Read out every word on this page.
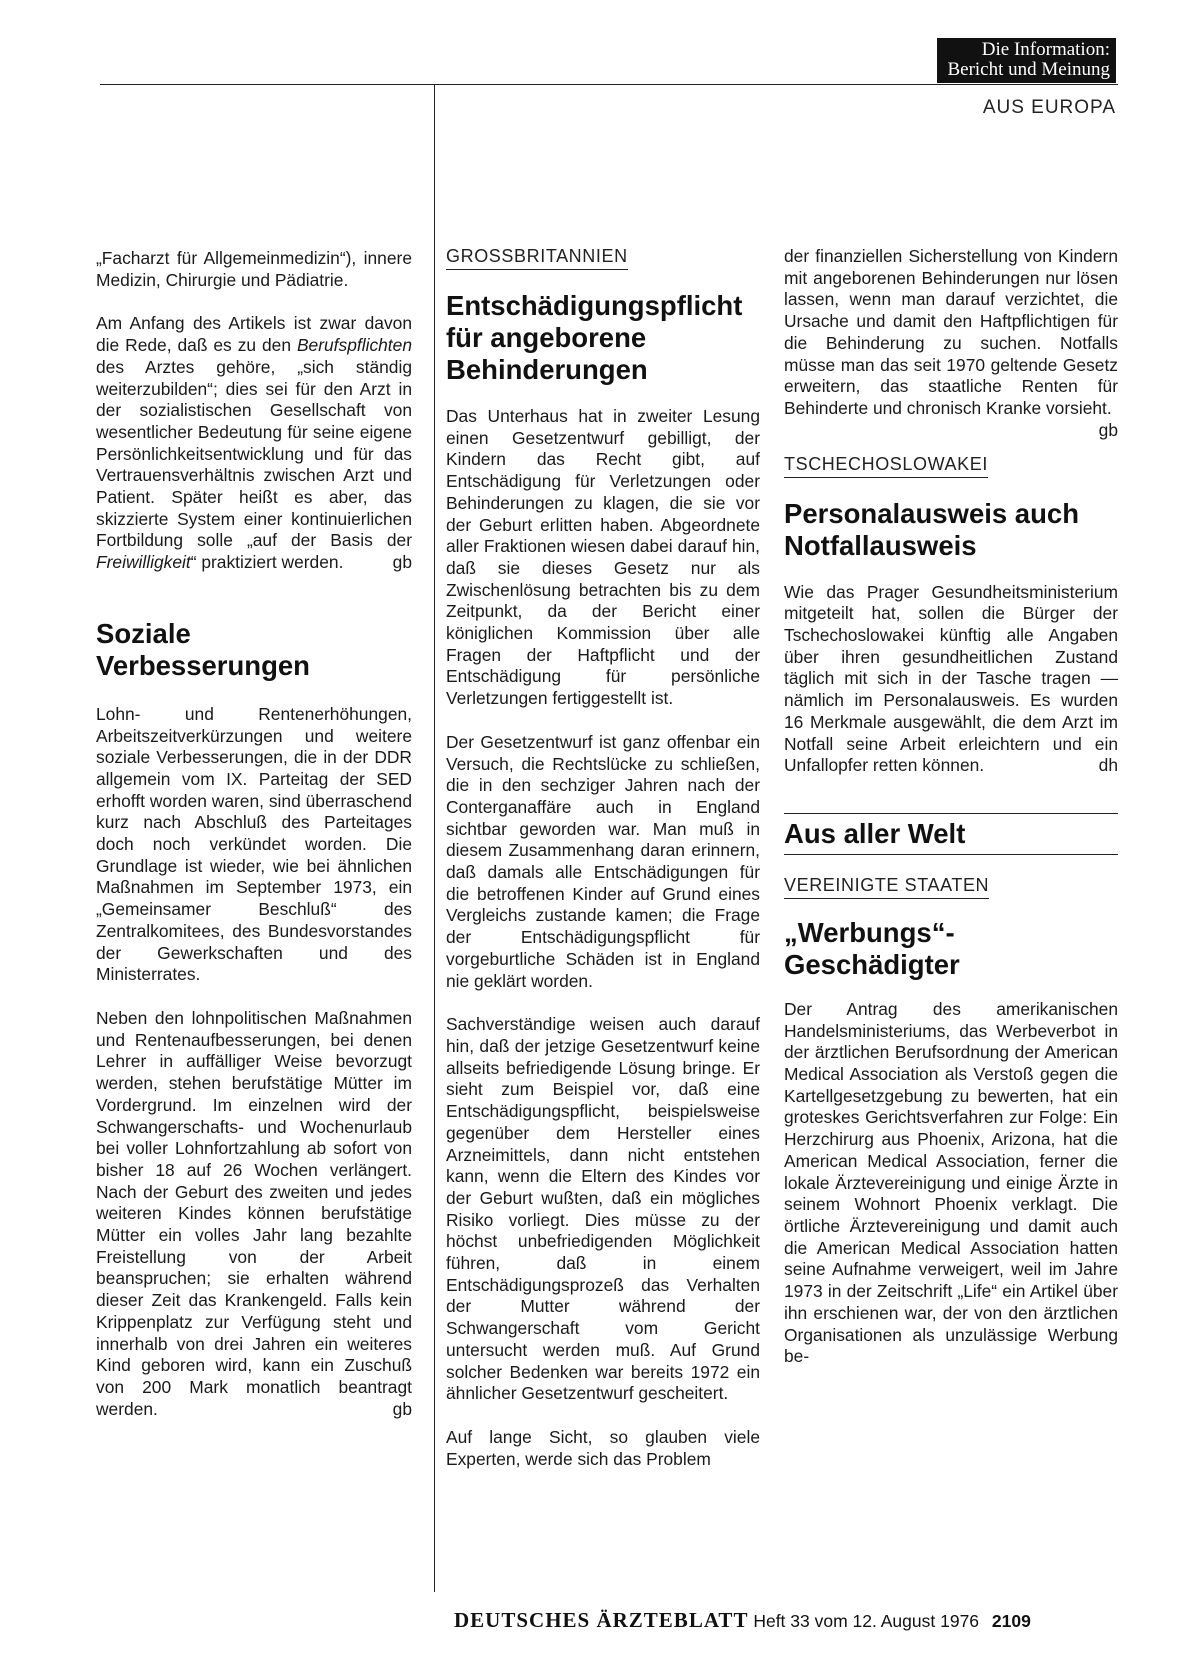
Die Information:
Bericht und Meinung
AUS EUROPA

„Facharzt für Allgemeinmedizin“), innere Medizin, Chirurgie und Pädiatrie.

Am Anfang des Artikels ist zwar davon die Rede, daß es zu den Berufspflichten des Arztes gehöre, „sich ständig weiterzubilden“; dies sei für den Arzt in der sozialistischen Gesellschaft von wesentlicher Bedeutung für seine eigene Persönlichkeitsentwicklung und für das Vertrauensverhältnis zwischen Arzt und Patient. Später heißt es aber, das skizzierte System einer kontinuierlichen Fortbildung solle „auf der Basis der Freiwilligkeit“ praktiziert werden.	gb

Soziale Verbesserungen

Lohn- und Rentenerhöhungen, Arbeitszeitverkürzungen und weitere soziale Verbesserungen, die in der DDR allgemein vom IX. Parteitag der SED erhofft worden waren, sind überraschend kurz nach Abschluß des Parteitages doch noch verkündet worden. Die Grundlage ist wieder, wie bei ähnlichen Maßnahmen im September 1973, ein „Gemeinsamer Beschluß“ des Zentralkomitees, des Bundesvorstandes der Gewerkschaften und des Ministerrates.

Neben den lohnpolitischen Maßnahmen und Rentenaufbesserungen, bei denen Lehrer in auffälliger Weise bevorzugt werden, stehen berufstätige Mütter im Vordergrund. Im einzelnen wird der Schwangerschafts- und Wochenurlaub bei voller Lohnfortzahlung ab sofort von bisher 18 auf 26 Wochen verlängert. Nach der Geburt des zweiten und jedes weiteren Kindes können berufstätige Mütter ein volles Jahr lang bezahlte Freistellung von der Arbeit beanspruchen; sie erhalten während dieser Zeit das Krankengeld. Falls kein Krippenplatz zur Verfügung steht und innerhalb von drei Jahren ein weiteres Kind geboren wird, kann ein Zuschuß von 200 Mark monatlich beantragt werden.	gb

GROSSBRITANNIEN
Entschädigungspflicht für angeborene Behinderungen

Das Unterhaus hat in zweiter Lesung einen Gesetzentwurf gebilligt, der Kindern das Recht gibt, auf Entschädigung für Verletzungen oder Behinderungen zu klagen, die sie vor der Geburt erlitten haben. Abgeordnete aller Fraktionen wiesen dabei darauf hin, daß sie dieses Gesetz nur als Zwischenlösung betrachten bis zu dem Zeitpunkt, da der Bericht einer königlichen Kommission über alle Fragen der Haftpflicht und der Entschädigung für persönliche Verletzungen fertiggestellt ist.

Der Gesetzentwurf ist ganz offenbar ein Versuch, die Rechtslücke zu schließen, die in den sechziger Jahren nach der Conterganaffäre auch in England sichtbar geworden war. Man muß in diesem Zusammenhang daran erinnern, daß damals alle Entschädigungen für die betroffenen Kinder auf Grund eines Vergleichs zustande kamen; die Frage der Entschädigungspflicht für vorgeburtliche Schäden ist in England nie geklärt worden.

Sachverständige weisen auch darauf hin, daß der jetzige Gesetzentwurf keine allseits befriedigende Lösung bringe. Er sieht zum Beispiel vor, daß eine Entschädigungspflicht, beispielsweise gegenüber dem Hersteller eines Arzneimittels, dann nicht entstehen kann, wenn die Eltern des Kindes vor der Geburt wußten, daß ein mögliches Risiko vorliegt. Dies müsse zu der höchst unbefriedigenden Möglichkeit führen, daß in einem Entschädigungsprozeß das Verhalten der Mutter während der Schwangerschaft vom Gericht untersucht werden muß. Auf Grund solcher Bedenken war bereits 1972 ein ähnlicher Gesetzentwurf gescheitert.

Auf lange Sicht, so glauben viele Experten, werde sich das Problem

der finanziellen Sicherstellung von Kindern mit angeborenen Behinderungen nur lösen lassen, wenn man darauf verzichtet, die Ursache und damit den Haftpflichtigen für die Behinderung zu suchen. Notfalls müsse man das seit 1970 geltende Gesetz erweitern, das staatliche Renten für Behinderte und chronisch Kranke vorsieht.
gb

TSCHECHOSLOWAKEI
Personalausweis auch Notfallausweis

Wie das Prager Gesundheitsministerium mitgeteilt hat, sollen die Bürger der Tschechoslowakei künftig alle Angaben über ihren gesundheitlichen Zustand täglich mit sich in der Tasche tragen — nämlich im Personalausweis. Es wurden 16 Merkmale ausgewählt, die dem Arzt im Notfall seine Arbeit erleichtern und ein Unfallopfer retten können.	dh

Aus aller Welt
VEREINIGTE STAATEN
„Werbungs“-Geschädigter

Der Antrag des amerikanischen Handelsministeriums, das Werbeverbot in der ärztlichen Berufsordnung der American Medical Association als Verstoß gegen die Kartellgesetzgebung zu bewerten, hat ein groteskes Gerichtsverfahren zur Folge: Ein Herzchirurg aus Phoenix, Arizona, hat die American Medical Association, ferner die lokale Ärztevereinigung und einige Ärzte in seinem Wohnort Phoenix verklagt. Die örtliche Ärztevereinigung und damit auch die American Medical Association hatten seine Aufnahme verweigert, weil im Jahre 1973 in der Zeitschrift „Life“ ein Artikel über ihn erschienen war, der von den ärztlichen Organisationen als unzulässige Werbung be-

DEUTSCHES ÄRZTEBLATT Heft 33 vom 12. August 1976 2109
